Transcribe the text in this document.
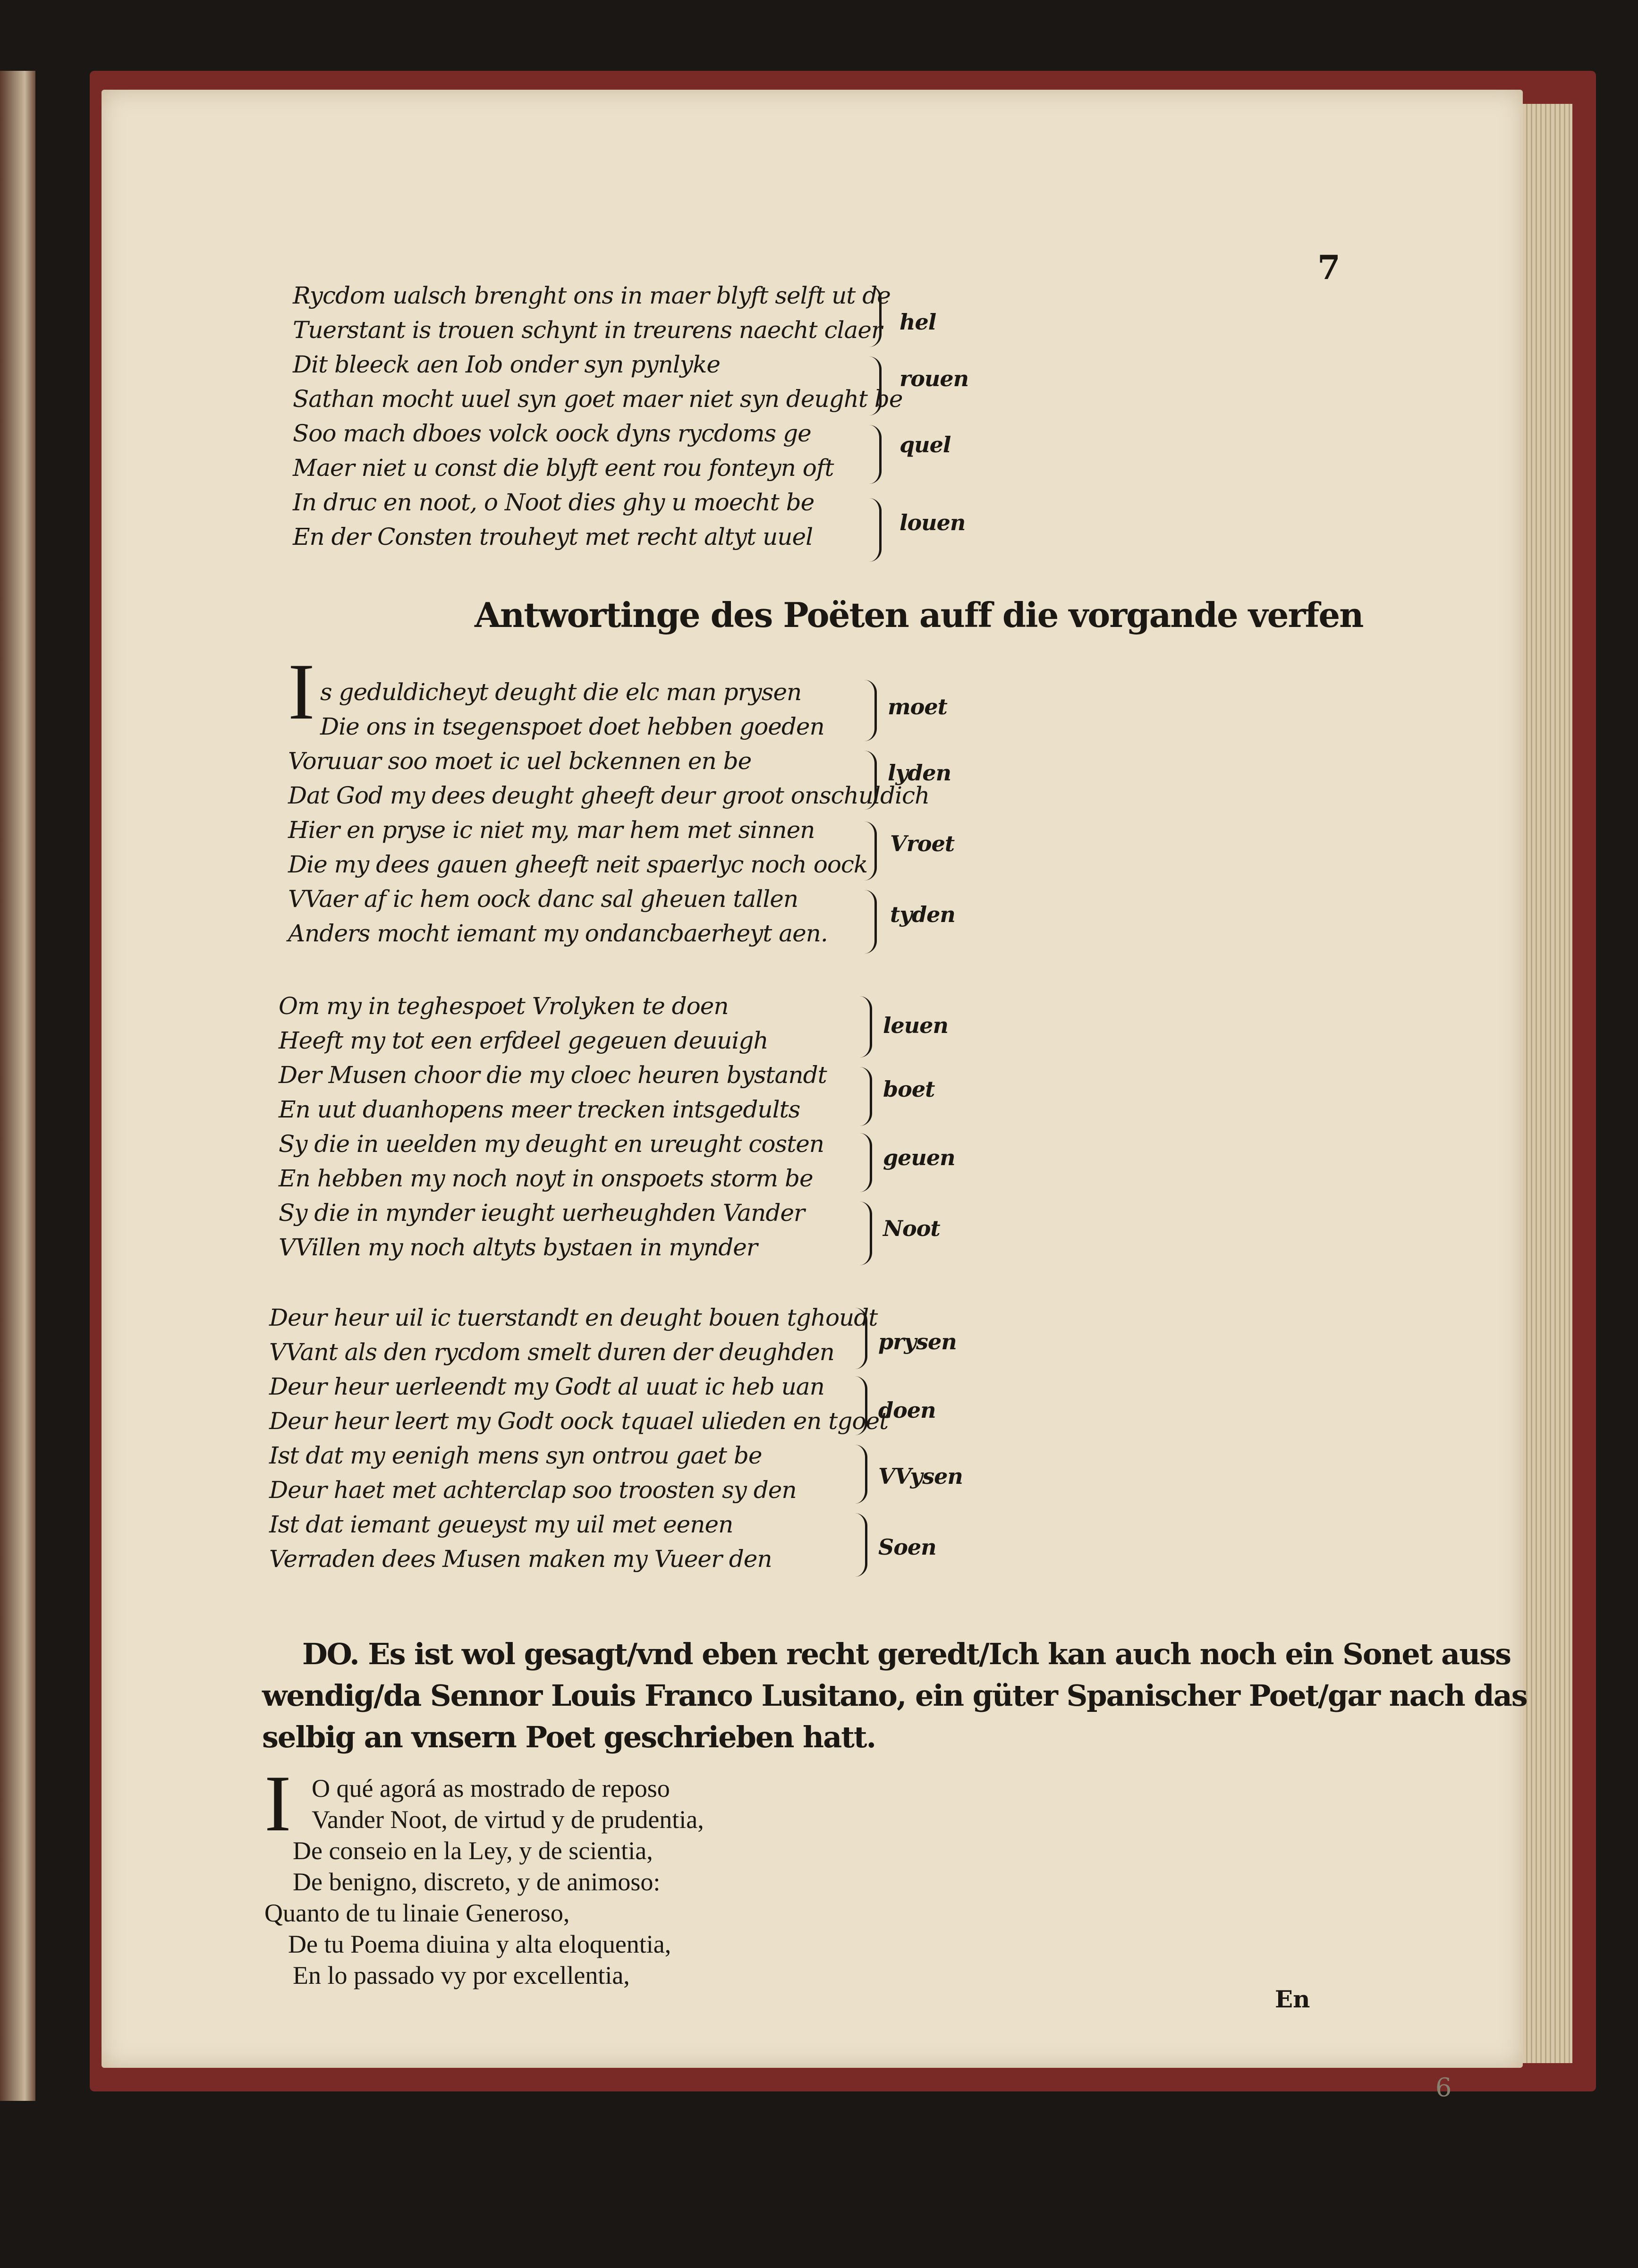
7
Rycdom ualsch brenght ons in maer blyft selft ut de
Tuerstant is trouen schynt in treurens naecht claer
Dit bleeck aen Iob onder syn pynlyke
Sathan mocht uuel syn goet maer niet syn deught be
Soo mach dboes volck oock dyns rycdoms ge
Maer niet u const die blyft eent rou fonteyn oft
In druc en noot, o Noot dies ghy u moecht be
En der Consten trouheyt met recht altyt uuel
hel
rouen
quel
louen
Antwortinge des Poëten auff die vorgande verfen
I s geduldicheyt deught die elc man prysen
Die ons in tsegenspoet doet hebben goeden
Voruuar soo moet ic uel bckennen en be
Dat God my dees deught gheeft deur groot onschuldich
Hier en pryse ic niet my, mar hem met sinnen
Die my dees gauen gheeft neit spaerlyc noch oock
VVaer af ic hem oock danc sal gheuen tallen
Anders mocht iemant my ondancbaerheyt aen.
moet
lyden
Vroet
tyden
Om my in teghespoet Vrolyken te doen
Heeft my tot een erfdeel gegeuen deuuigh
Der Musen choor die my cloec heuren bystandt
En uut duanhopens meer trecken intsgedults
Sy die in ueelden my deught en ureught costen
En hebben my noch noyt in onspoets storm be
Sy die in mynder ieught uerheughden Vander
VVillen my noch altyts bystaen in mynder
leuen
boet
geuen
Noot
Deur heur uil ic tuerstandt en deught bouen tghoudt
VVant als den rycdom smelt duren der deughden
Deur heur uerleendt my Godt al uuat ic heb uan
Deur heur leert my Godt oock tquael ulieden en tgoet
Ist dat my eenigh mens syn ontrou gaet be
Deur haet met achterclap soo troosten sy den
Ist dat iemant geueyst my uil met eenen
Verraden dees Musen maken my Vueer den
prysen
doen
VVysen
Soen
DO. Es ist wol gesagt/vnd eben recht geredt/Ich kan auch noch ein Sonet auss
wendig/da Sennor Louis Franco Lusitano, ein güter Spanischer Poet/gar nach das
selbig an vnsern Poet geschrieben hatt.
I O qué agorá as mostrado de reposo
Vander Noot, de virtud y de prudentia,
De conseio en la Ley, y de scientia,
De benigno, discreto, y de animoso:
Quanto de tu linaie Generoso,
De tu Poema diuina y alta eloquentia,
En lo passado vy por excellentia,
En
6
